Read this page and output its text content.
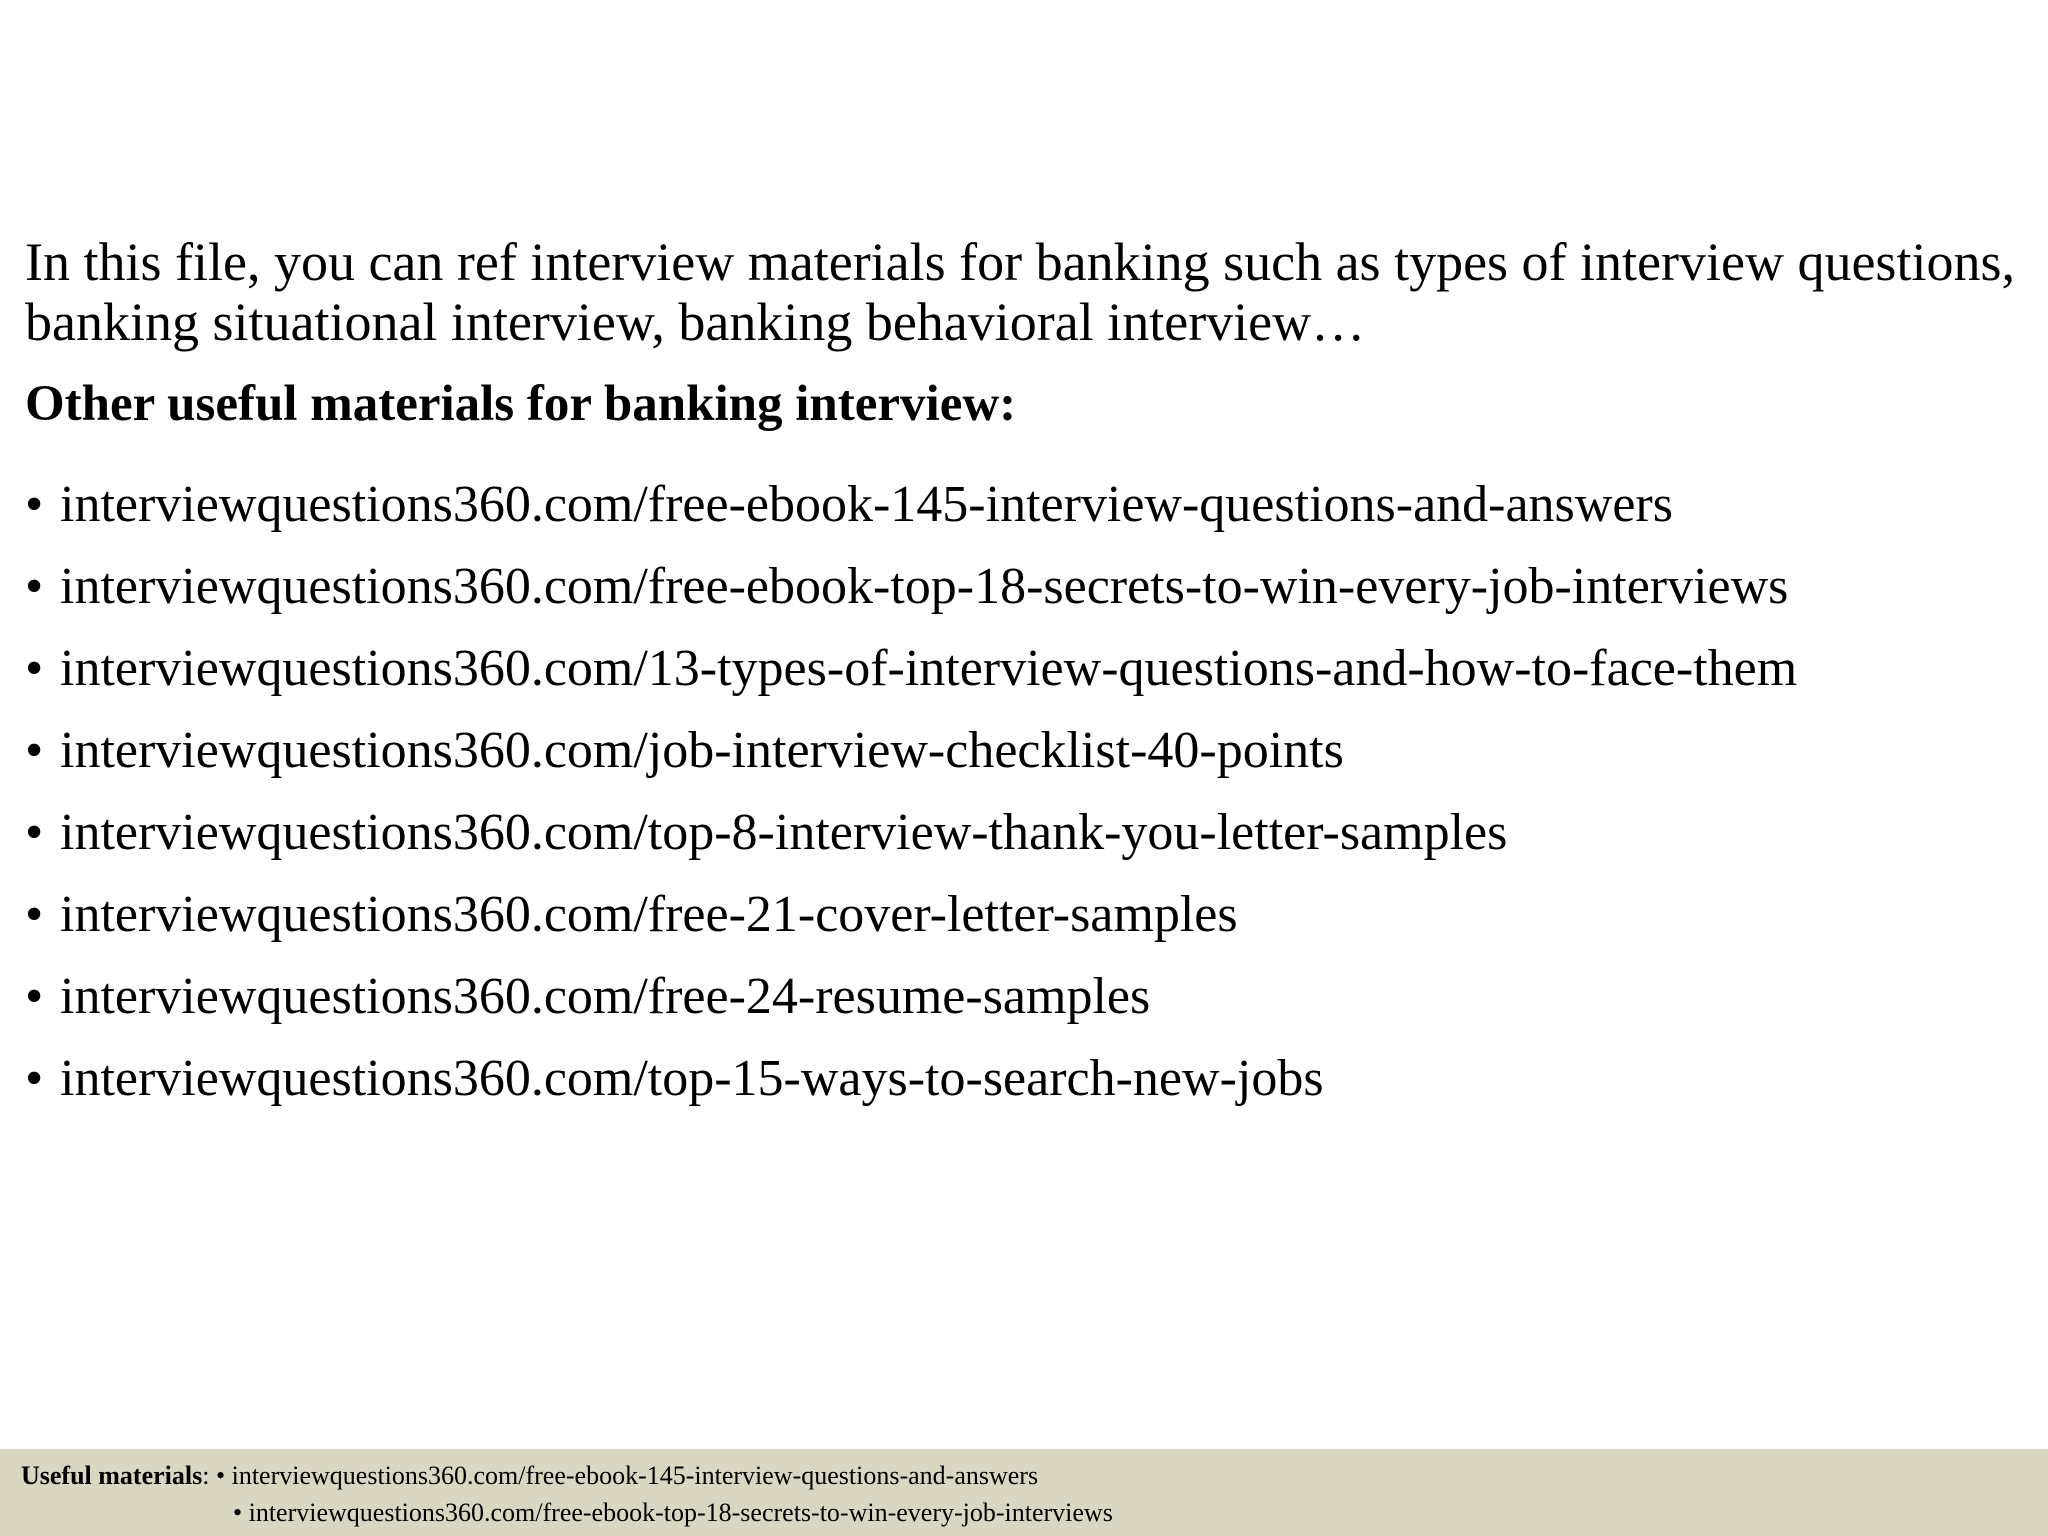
In this file, you can ref interview materials for banking such as types of interview questions, banking situational interview, banking behavioral interview…

Other useful materials for banking interview:
• interviewquestions360.com/free-ebook-145-interview-questions-and-answers
• interviewquestions360.com/free-ebook-top-18-secrets-to-win-every-job-interviews
• interviewquestions360.com/13-types-of-interview-questions-and-how-to-face-them
• interviewquestions360.com/job-interview-checklist-40-points
• interviewquestions360.com/top-8-interview-thank-you-letter-samples
• interviewquestions360.com/free-21-cover-letter-samples
• interviewquestions360.com/free-24-resume-samples
• interviewquestions360.com/top-15-ways-to-search-new-jobs
Useful materials: • interviewquestions360.com/free-ebook-145-interview-questions-and-answers
• interviewquestions360.com/free-ebook-top-18-secrets-to-win-every-job-interviews
